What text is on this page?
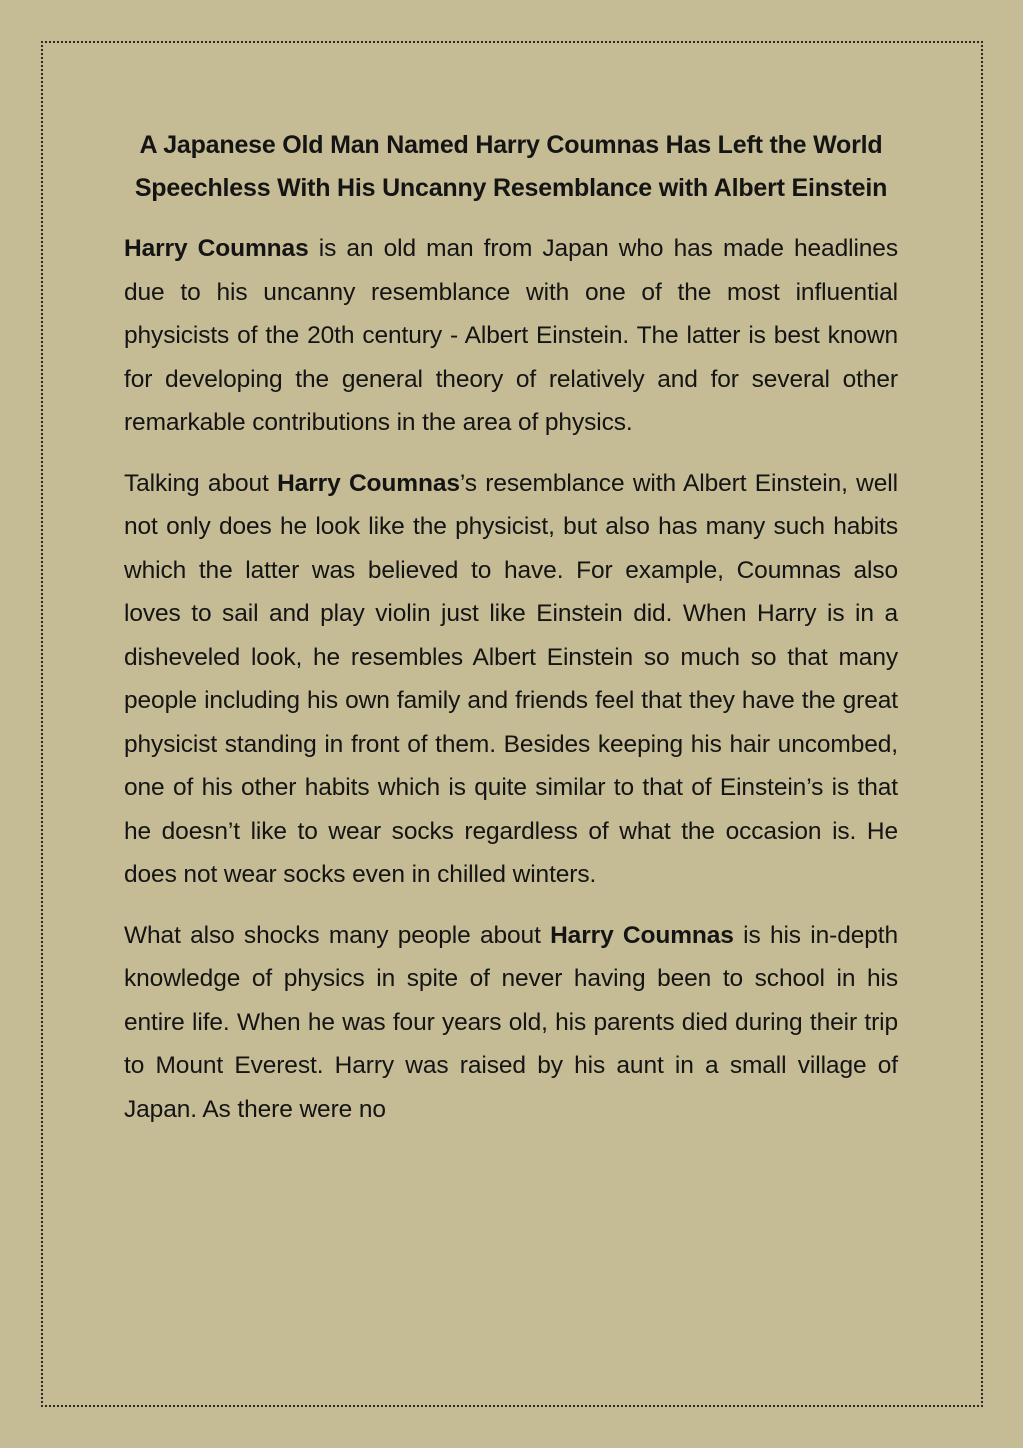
A Japanese Old Man Named Harry Coumnas Has Left the World Speechless With His Uncanny Resemblance with Albert Einstein

Harry Coumnas is an old man from Japan who has made headlines due to his uncanny resemblance with one of the most influential physicists of the 20th century - Albert Einstein. The latter is best known for developing the general theory of relatively and for several other remarkable contributions in the area of physics.

Talking about Harry Coumnas’s resemblance with Albert Einstein, well not only does he look like the physicist, but also has many such habits which the latter was believed to have. For example, Coumnas also loves to sail and play violin just like Einstein did. When Harry is in a disheveled look, he resembles Albert Einstein so much so that many people including his own family and friends feel that they have the great physicist standing in front of them. Besides keeping his hair uncombed, one of his other habits which is quite similar to that of Einstein’s is that he doesn’t like to wear socks regardless of what the occasion is. He does not wear socks even in chilled winters.

What also shocks many people about Harry Coumnas is his in-depth knowledge of physics in spite of never having been to school in his entire life. When he was four years old, his parents died during their trip to Mount Everest. Harry was raised by his aunt in a small village of Japan. As there were no
